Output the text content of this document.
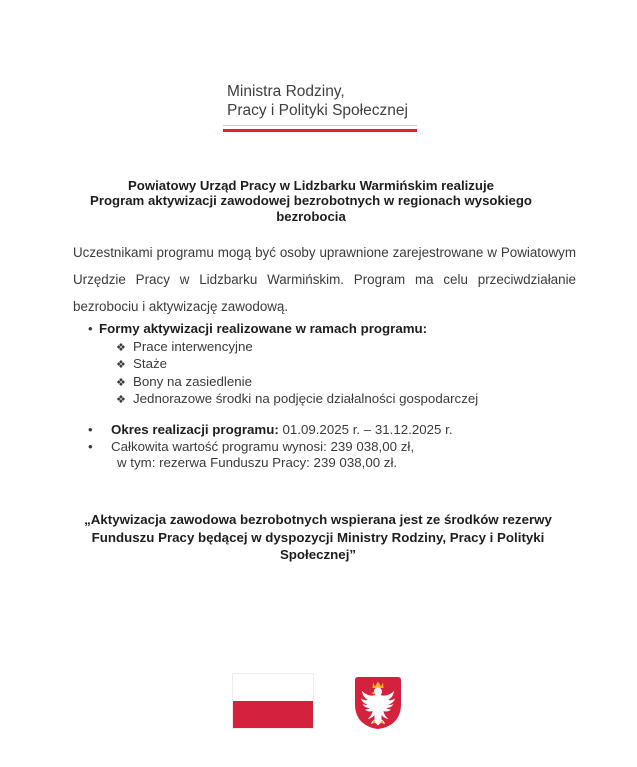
Ministra Rodziny,
Pracy i Polityki Społecznej
Powiatowy Urząd Pracy w Lidzbarku Warmińskim realizuje
Program aktywizacji zawodowej bezrobotnych w regionach wysokiego
bezrobocia
Uczestnikami programu mogą być osoby uprawnione zarejestrowane w Powiatowym Urzędzie Pracy w Lidzbarku Warmińskim. Program ma celu przeciwdziałanie bezrobociu i aktywizację zawodową.
• Formy aktywizacji realizowane w ramach programu:
❖ Prace interwencyjne
❖ Staże
❖ Bony na zasiedlenie
❖ Jednorazowe środki na podjęcie działalności gospodarczej
•	Okres realizacji programu: 01.09.2025 r. – 31.12.2025 r.
•	Całkowita wartość programu wynosi: 239 038,00 zł,
w tym: rezerwa Funduszu Pracy: 239 038,00 zł.
„Aktywizacja zawodowa bezrobotnych wspierana jest ze środków rezerwy
Funduszu Pracy będącej w dyspozycji Ministry Rodziny, Pracy i Polityki
Społecznej”
